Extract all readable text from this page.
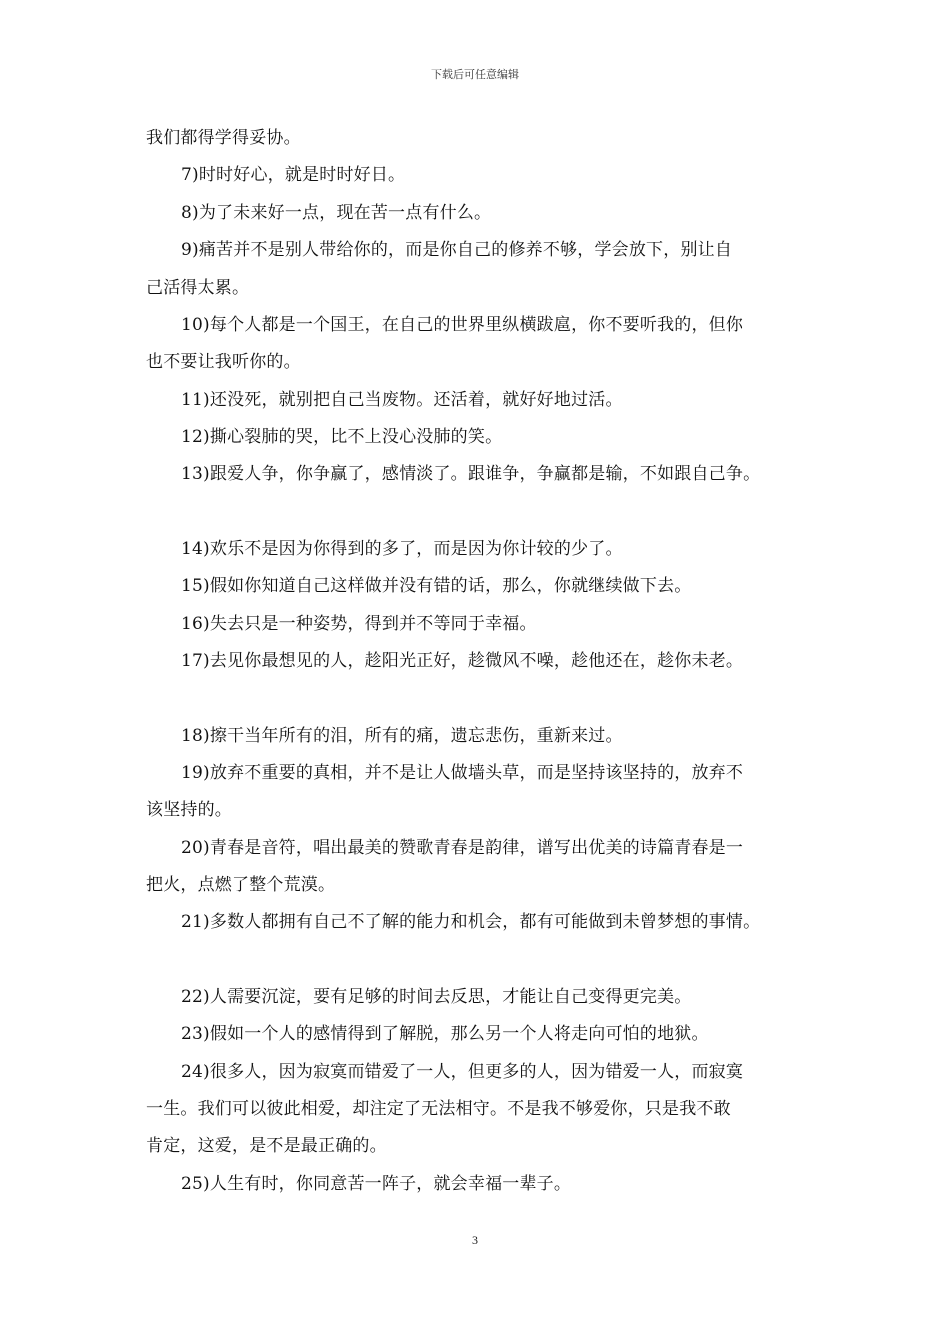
下载后可任意编辑
我们都得学得妥协。
7)时时好心，就是时时好日。
8)为了未来好一点，现在苦一点有什么。
9)痛苦并不是别人带给你的，而是你自己的修养不够，学会放下，别让自
己活得太累。
10)每个人都是一个国王，在自己的世界里纵横跋扈，你不要听我的，但你
也不要让我听你的。
11)还没死，就别把自己当废物。还活着，就好好地过活。
12)撕心裂肺的哭，比不上没心没肺的笑。
13)跟爱人争，你争赢了，感情淡了。跟谁争，争赢都是输，不如跟自己争。
14)欢乐不是因为你得到的多了，而是因为你计较的少了。
15)假如你知道自己这样做并没有错的话，那么，你就继续做下去。
16)失去只是一种姿势，得到并不等同于幸福。
17)去见你最想见的人，趁阳光正好，趁微风不噪，趁他还在，趁你未老。
18)擦干当年所有的泪，所有的痛，遗忘悲伤，重新来过。
19)放弃不重要的真相，并不是让人做墙头草，而是坚持该坚持的，放弃不
该坚持的。
20)青春是音符，唱出最美的赞歌青春是韵律，谱写出优美的诗篇青春是一
把火，点燃了整个荒漠。
21)多数人都拥有自己不了解的能力和机会，都有可能做到未曾梦想的事情。
22)人需要沉淀，要有足够的时间去反思，才能让自己变得更完美。
23)假如一个人的感情得到了解脱，那么另一个人将走向可怕的地狱。
24)很多人，因为寂寞而错爱了一人，但更多的人，因为错爱一人，而寂寞
一生。我们可以彼此相爱，却注定了无法相守。不是我不够爱你，只是我不敢
肯定，这爱，是不是最正确的。
25)人生有时，你同意苦一阵子，就会幸福一辈子。
3
